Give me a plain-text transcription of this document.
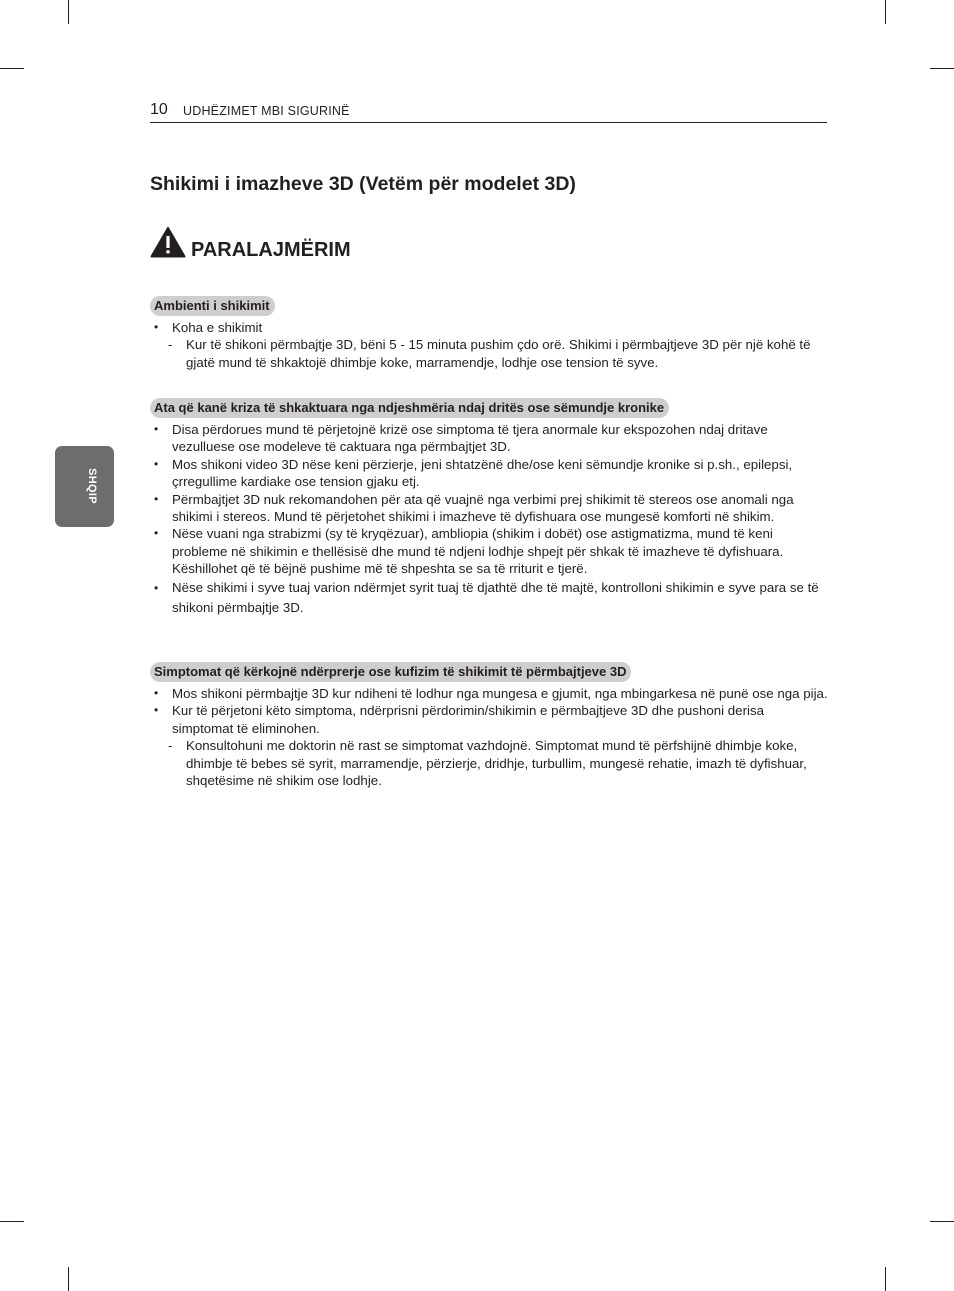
10 UDHËZIMET MBI SIGURINË
SHQIP
Shikimi i imazheve 3D (Vetëm për modelet 3D)
PARALAJMËRIM
Ambienti i shikimit
• Koha e shikimit
- Kur të shikoni përmbajtje 3D, bëni 5 - 15 minuta pushim çdo orë. Shikimi i përmbajtjeve 3D për një kohë të gjatë mund të shkaktojë dhimbje koke, marramendje, lodhje ose tension të syve.
Ata që kanë kriza të shkaktuara nga ndjeshmëria ndaj dritës ose sëmundje kronike
• Disa përdorues mund të përjetojnë krizë ose simptoma të tjera anormale kur ekspozohen ndaj dritave vezulluese ose modeleve të caktuara nga përmbajtjet 3D.
• Mos shikoni video 3D nëse keni përzierje, jeni shtatzënë dhe/ose keni sëmundje kronike si p.sh., epilepsi, çrregullime kardiake ose tension gjaku etj.
• Përmbajtjet 3D nuk rekomandohen për ata që vuajnë nga verbimi prej shikimit të stereos ose anomali nga shikimi i stereos. Mund të përjetohet shikimi i imazheve të dyfishuara ose mungesë komforti në shikim.
• Nëse vuani nga strabizmi (sy të kryqëzuar), ambliopia (shikim i dobët) ose astigmatizma, mund të keni probleme në shikimin e thellësisë dhe mund të ndjeni lodhje shpejt për shkak të imazheve të dyfishuara. Këshillohet që të bëjnë pushime më të shpeshta se sa të rriturit e tjerë.
• Nëse shikimi i syve tuaj varion ndërmjet syrit tuaj të djathtë dhe të majtë, kontrolloni shikimin e syve para se të shikoni përmbajtje 3D.
Simptomat që kërkojnë ndërprerje ose kufizim të shikimit të përmbajtjeve 3D
• Mos shikoni përmbajtje 3D kur ndiheni të lodhur nga mungesa e gjumit, nga mbingarkesa në punë ose nga pija.
• Kur të përjetoni këto simptoma, ndërprisni përdorimin/shikimin e përmbajtjeve 3D dhe pushoni derisa simptomat të eliminohen.
- Konsultohuni me doktorin në rast se simptomat vazhdojnë. Simptomat mund të përfshijnë dhimbje koke, dhimbje të bebes së syrit, marramendje, përzierje, dridhje, turbullim, mungesë rehatie, imazh të dyfishuar, shqetësime në shikim ose lodhje.
